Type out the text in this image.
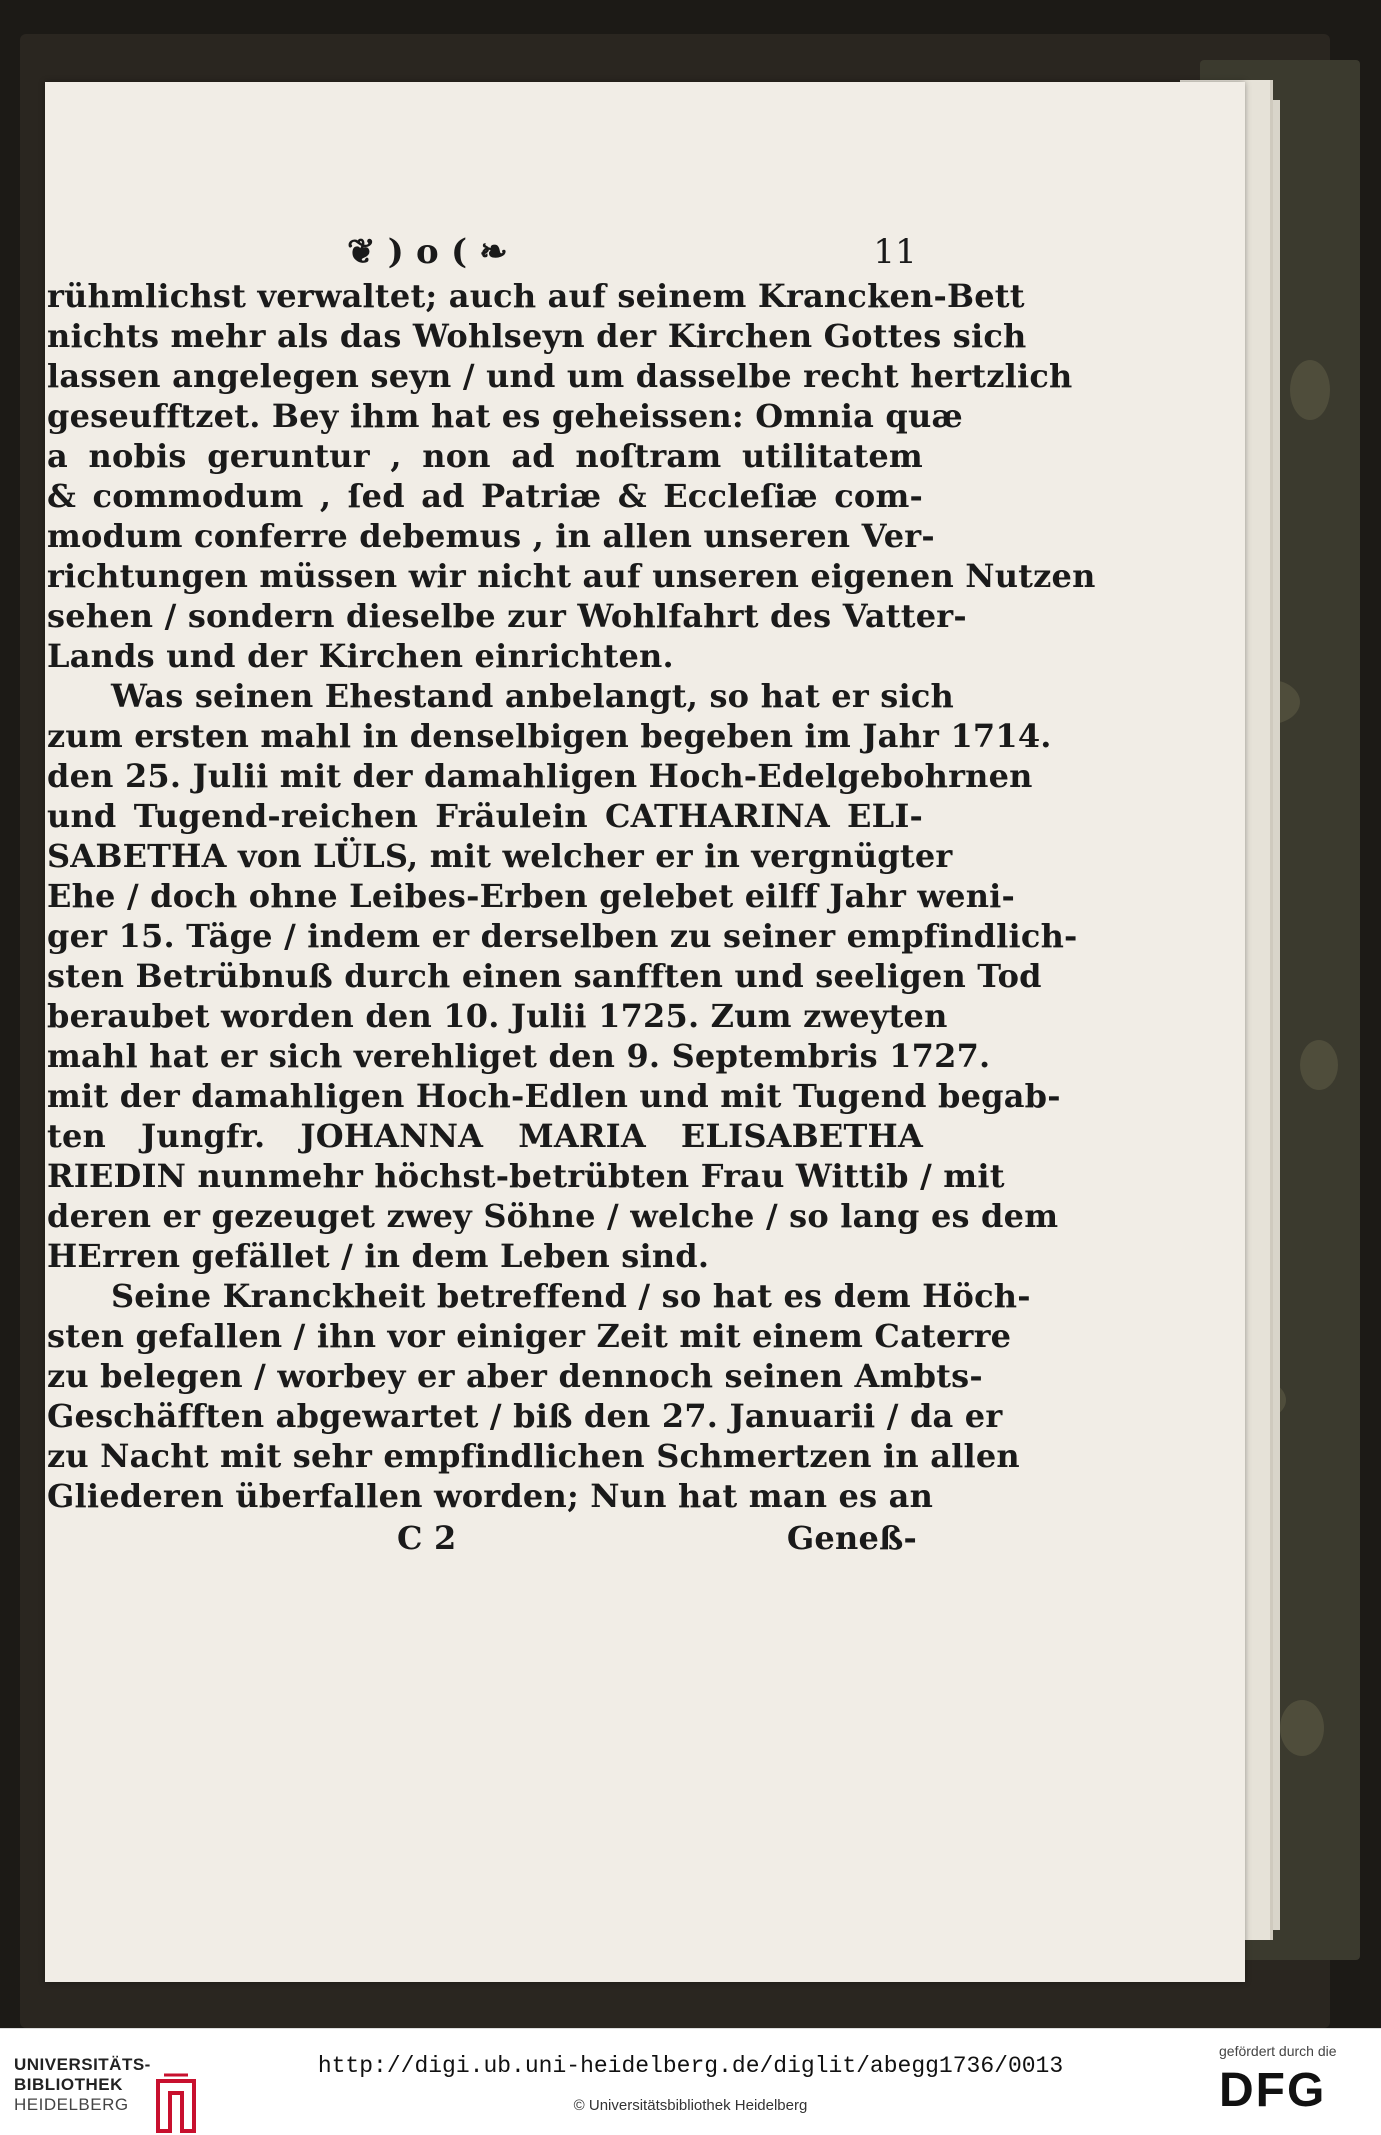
❦ ) o ( ❧	11
rühmlichst verwaltet; auch auf seinem Krancken-Bett
nichts mehr als das Wohlseyn der Kirchen Gottes sich
lassen angelegen seyn / und um dasselbe recht hertzlich
geseufftzet. Bey ihm hat es geheissen: Omnia quæ
a nobis geruntur , non ad noſtram utilitatem
& commodum , ſed ad Patriæ & Eccleſiæ com-
modum conferre debemus , in allen unseren Ver-
richtungen müssen wir nicht auf unseren eigenen Nutzen
sehen / sondern dieselbe zur Wohlfahrt des Vatter-
Lands und der Kirchen einrichten.
Was seinen Ehestand anbelangt, so hat er sich
zum ersten mahl in denselbigen begeben im Jahr 1714.
den 25. Julii mit der damahligen Hoch-Edelgebohrnen
und Tugend-reichen Fräulein CATHARINA ELI-
SABETHA von LÜLS, mit welcher er in vergnügter
Ehe / doch ohne Leibes-Erben gelebet eilff Jahr weni-
ger 15. Täge / indem er derselben zu seiner empfindlich-
sten Betrübnuß durch einen sanfften und seeligen Tod
beraubet worden den 10. Julii 1725. Zum zweyten
mahl hat er sich verehliget den 9. Septembris 1727.
mit der damahligen Hoch-Edlen und mit Tugend begab-
ten Jungfr. JOHANNA MARIA ELISABETHA
RIEDIN nunmehr höchst-betrübten Frau Wittib / mit
deren er gezeuget zwey Söhne / welche / so lang es dem
HErren gefället / in dem Leben sind.
Seine Kranckheit betreffend / so hat es dem Höch-
sten gefallen / ihn vor einiger Zeit mit einem Caterre
zu belegen / worbey er aber dennoch seinen Ambts-
Geschäfften abgewartet / biß den 27. Januarii / da er
zu Nacht mit sehr empfindlichen Schmertzen in allen
Gliederen überfallen worden; Nun hat man es an
C 2	Geneß-
UNIVERSITÄTS-
BIBLIOTHEK
HEIDELBERG
http://digi.ub.uni-heidelberg.de/diglit/abegg1736/0013
© Universitätsbibliothek Heidelberg
gefördert durch die
DFG
